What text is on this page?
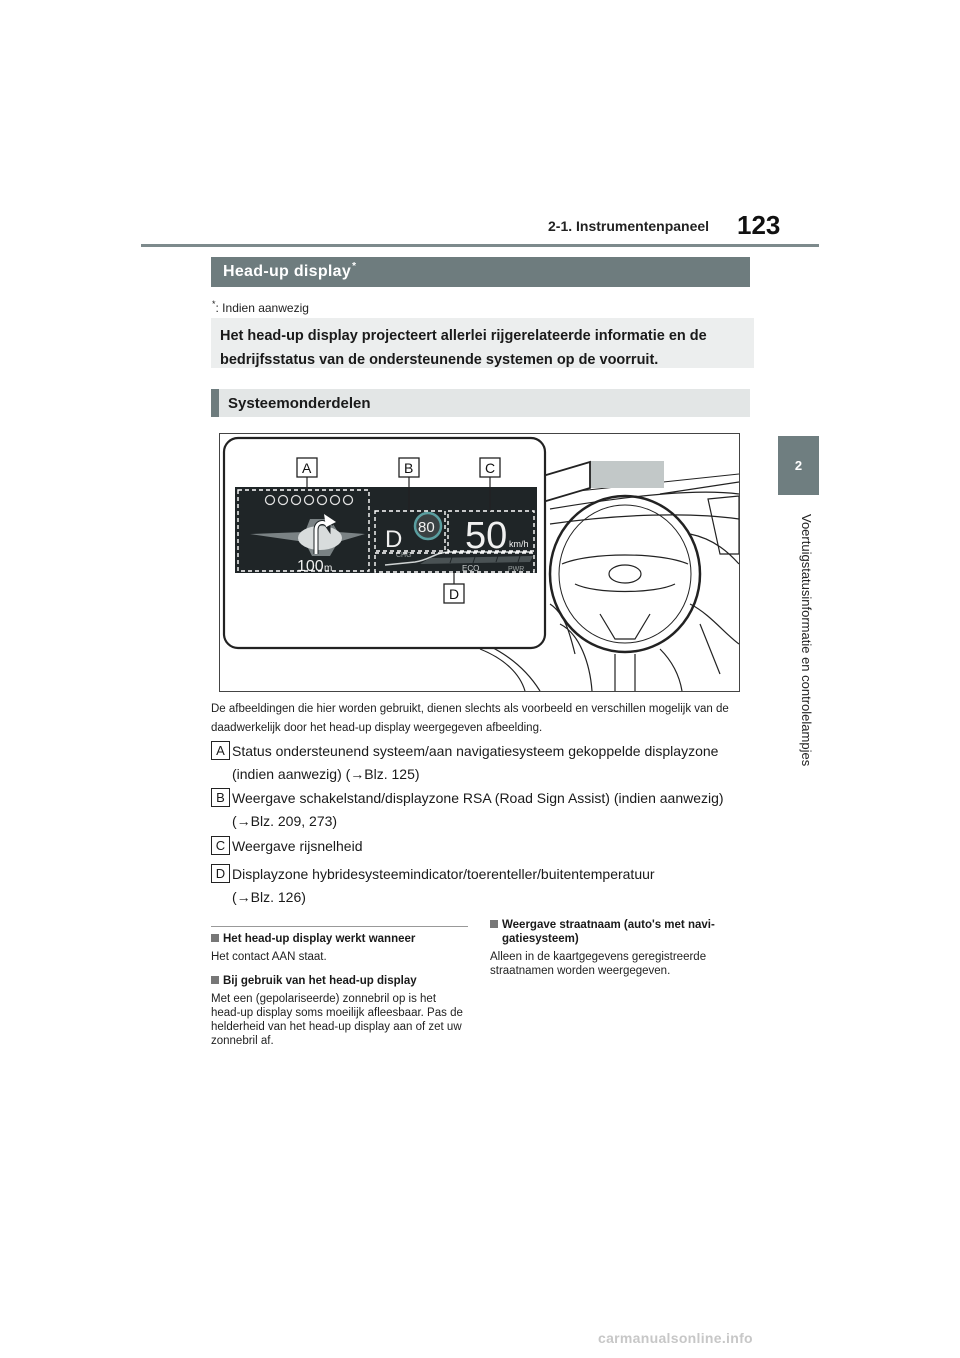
2-1. Instrumentenpaneel 123
2
Voertuigstatusinformatie en controlelampjes
Head-up display*
*: Indien aanwezig
Het head-up display projecteert allerlei rijgerelateerde informatie en de bedrijfsstatus van de ondersteunende systemen op de voorruit.
Systeemonderdelen
100 m
D 80
CHG 50 km/h
ECO	PWR
A	B	C
D
De afbeeldingen die hier worden gebruikt, dienen slechts als voorbeeld en verschillen mogelijk van de daadwerkelijk door het head-up display weergegeven afbeelding.
A Status ondersteunend systeem/aan navigatiesysteem gekoppelde displayzone
(indien aanwezig) (→Blz. 125)
B Weergave schakelstand/displayzone RSA (Road Sign Assist) (indien aanwezig)
(→Blz. 209, 273)
C Weergave rijsnelheid
D Displayzone hybridesysteemindicator/toerenteller/buitentemperatuur
(→Blz. 126)
Het head-up display werkt wanneer
Het contact AAN staat.
Bij gebruik van het head-up display
Met een (gepolariseerde) zonnebril op is het head-up display soms moeilijk afleesbaar. Pas de helderheid van het head-up display aan of zet uw zonnebril af.
Weergave straatnaam (auto's met navi-gatiesysteem)
Alleen in de kaartgegevens geregistreerde straatnamen worden weergegeven.
carmanualsonline.info
